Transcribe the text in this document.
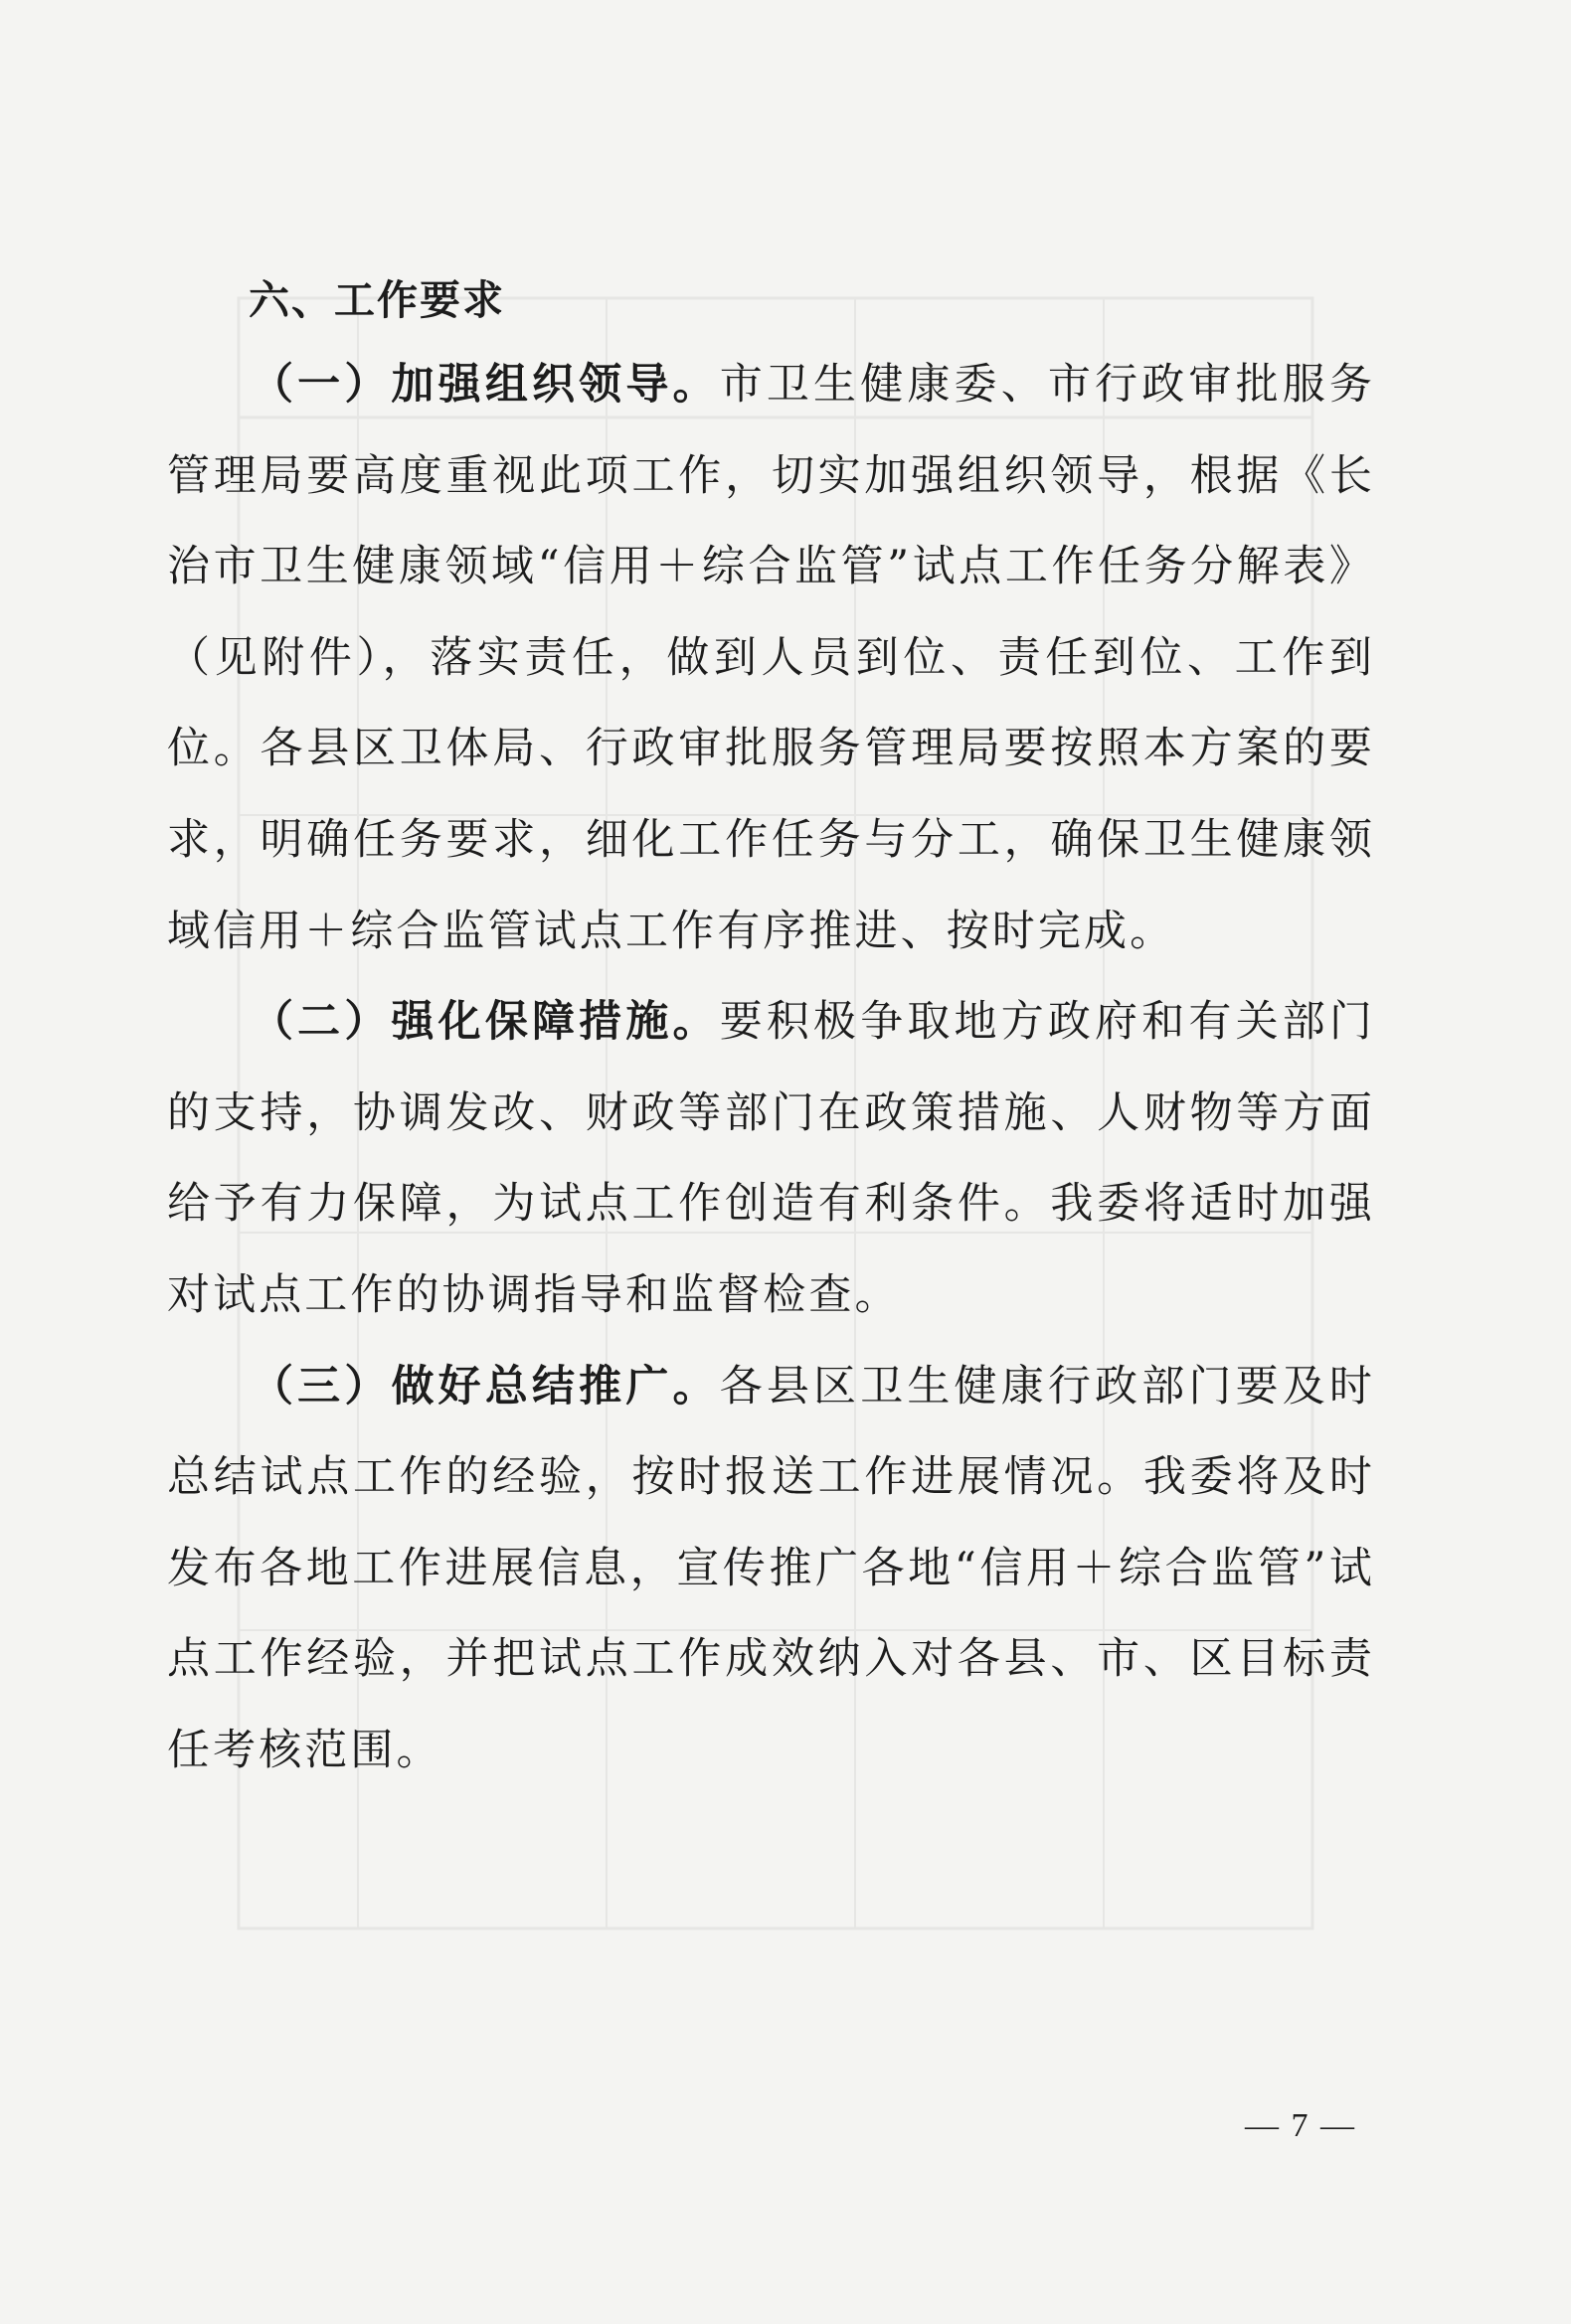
六、工作要求

（一）加强组织领导。市卫生健康委、市行政审批服务管理局要高度重视此项工作，切实加强组织领导，根据《长治市卫生健康领域“信用＋综合监管”试点工作任务分解表》（见附件），落实责任，做到人员到位、责任到位、工作到位。各县区卫体局、行政审批服务管理局要按照本方案的要求，明确任务要求，细化工作任务与分工，确保卫生健康领域信用＋综合监管试点工作有序推进、按时完成。

（二）强化保障措施。要积极争取地方政府和有关部门的支持，协调发改、财政等部门在政策措施、人财物等方面给予有力保障，为试点工作创造有利条件。我委将适时加强对试点工作的协调指导和监督检查。

（三）做好总结推广。各县区卫生健康行政部门要及时总结试点工作的经验，按时报送工作进展情况。我委将及时发布各地工作进展信息，宣传推广各地“信用＋综合监管”试点工作经验，并把试点工作成效纳入对各县、市、区目标责任考核范围。

— 7 —
